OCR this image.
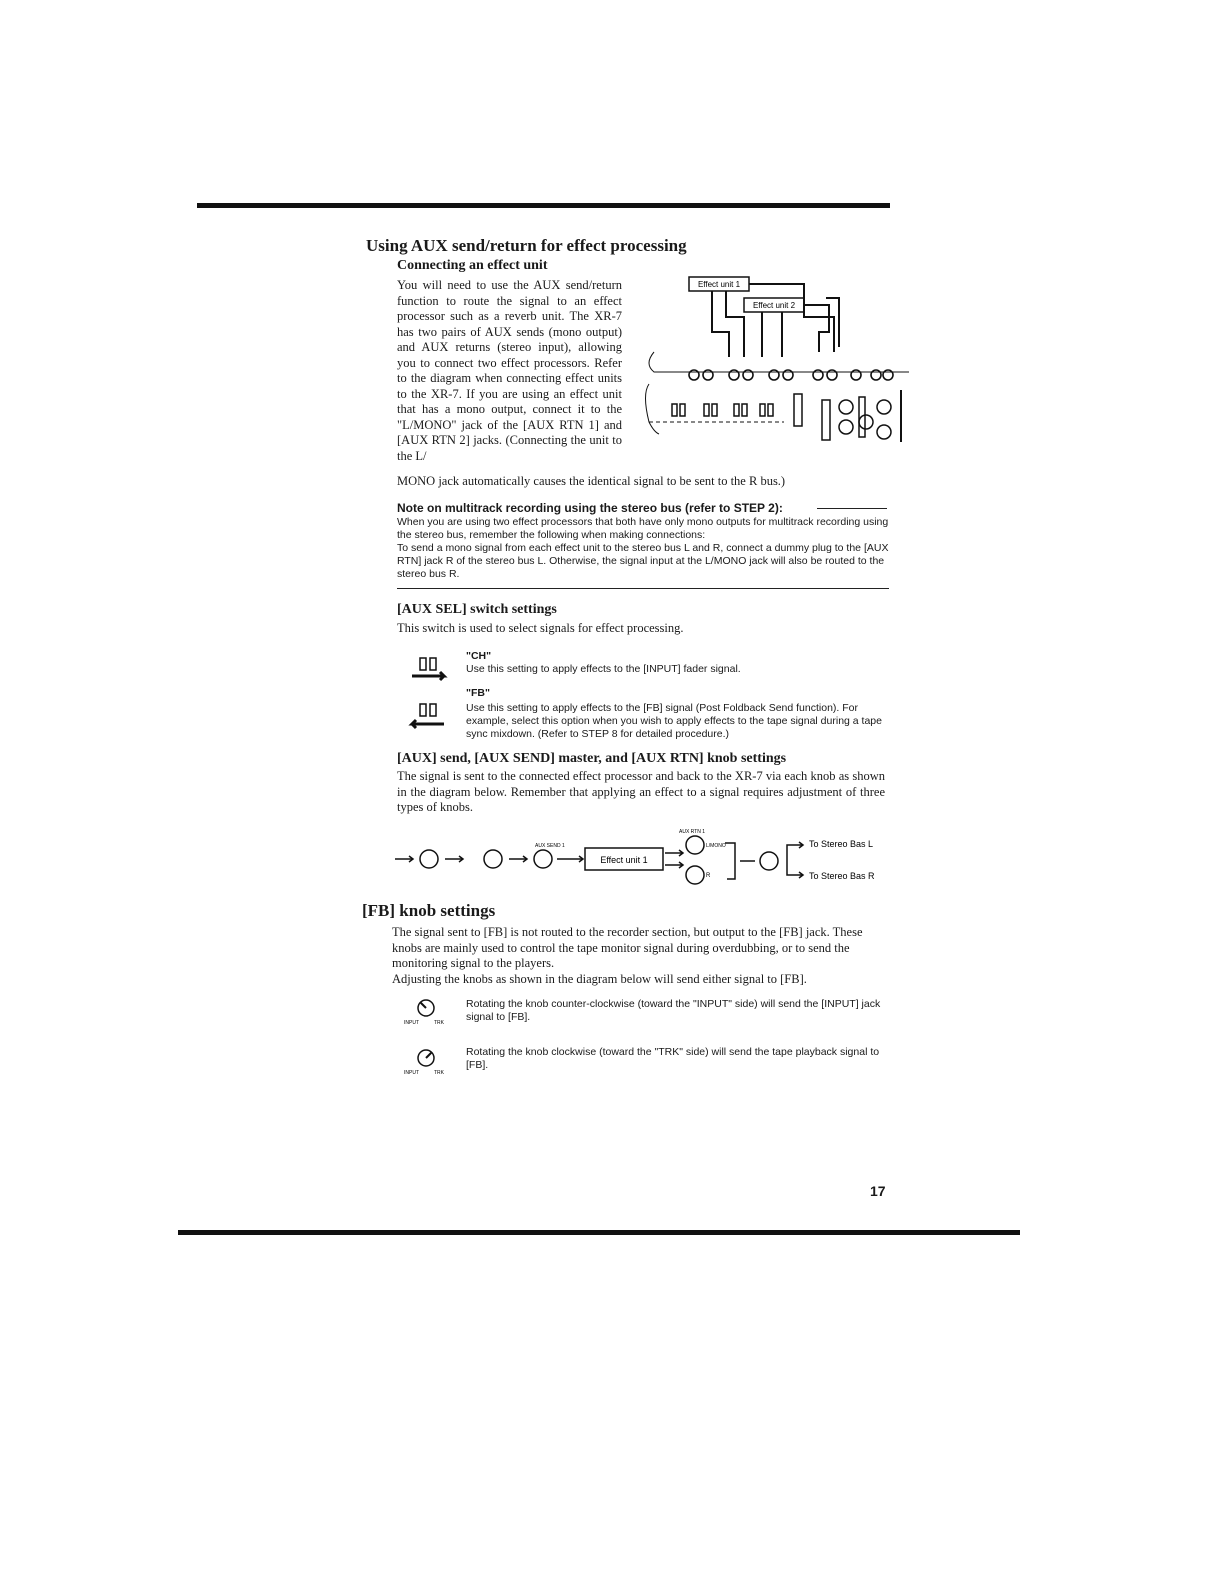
Using AUX send/return for effect processing
Connecting an effect unit
You will need to use the AUX send/return function to route the signal to an effect processor such as a reverb unit. The XR-7 has two pairs of AUX sends (mono output) and AUX returns (stereo input), allowing you to connect two effect processors. Refer to the diagram when connecting effect units to the XR-7. If you are using an effect unit that has a mono output, connect it to the "L/MONO" jack of the [AUX RTN 1] and [AUX RTN 2] jacks. (Connecting the unit to the L/
MONO jack automatically causes the identical signal to be sent to the R bus.)
Effect unit 1
Effect unit 2
Note on multitrack recording using the stereo bus (refer to STEP 2):
When you are using two effect processors that both have only mono outputs for multitrack recording using the stereo bus, remember the following when making connections:
To send a mono signal from each effect unit to the stereo bus L and R, connect a dummy plug to the [AUX RTN] jack R of the stereo bus L. Otherwise, the signal input at the L/MONO jack will also be routed to the stereo bus R.
[AUX SEL] switch settings
This switch is used to select signals for effect processing.
"CH"
Use this setting to apply effects to the [INPUT] fader signal.
"FB"
Use this setting to apply effects to the [FB] signal (Post Foldback Send function). For example, select this option when you wish to apply effects to the tape signal during a tape sync mixdown. (Refer to STEP 8 for detailed procedure.)
[AUX] send, [AUX SEND] master, and [AUX RTN] knob settings
The signal is sent to the connected effect processor and back to the XR-7 via each knob as shown in the diagram below. Remember that applying an effect to a signal requires adjustment of three types of knobs.
Effect unit 1
AUX RTN 1
AUX SEND 1	L/MONO
R
To Stereo Bas L
To Stereo Bas R
[FB] knob settings
The signal sent to [FB] is not routed to the recorder section, but output to the [FB] jack. These knobs are mainly used to control the tape monitor signal during overdubbing, or to send the monitoring signal to the players.
Adjusting the knobs as shown in the diagram below will send either signal to [FB].
INPUT	TRK
Rotating the knob counter-clockwise (toward the "INPUT" side) will send the [INPUT] jack signal to [FB].
INPUT	TRK
Rotating the knob clockwise (toward the "TRK" side) will send the tape playback signal to [FB].
17
